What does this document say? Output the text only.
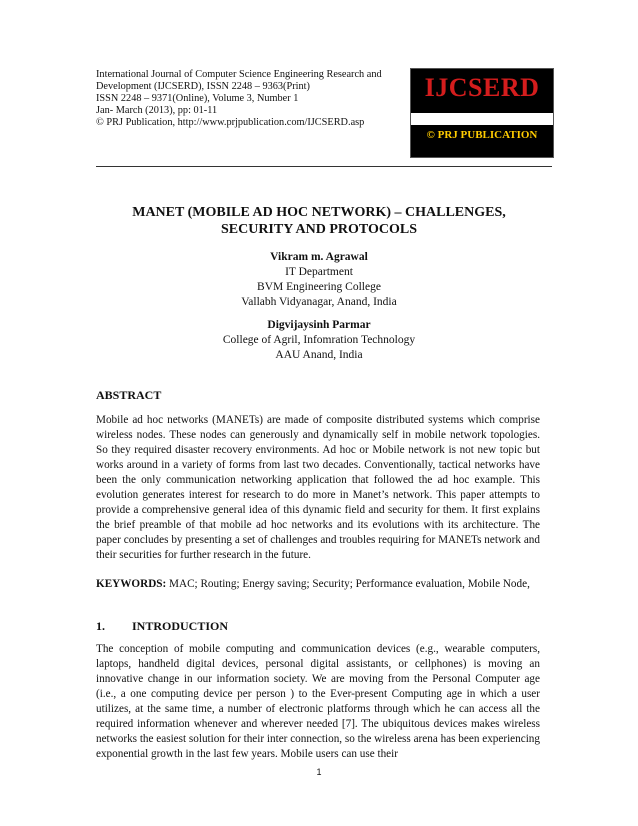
International Journal of Computer Science Engineering Research and
Development (IJCSERD), ISSN 2248 – 9363(Print)
ISSN 2248 – 9371(Online), Volume 3, Number 1
Jan- March (2013), pp: 01-11
© PRJ Publication, http://www.prjpublication.com/IJCSERD.asp
IJCSERD
© PRJ PUBLICATION
MANET (MOBILE AD HOC NETWORK) – CHALLENGES, SECURITY AND PROTOCOLS
Vikram m. Agrawal
IT Department
BVM Engineering College
Vallabh Vidyanagar, Anand, India
Digvijaysinh Parmar
College of Agril, Infomration Technology
AAU Anand, India
ABSTRACT
Mobile ad hoc networks (MANETs) are made of composite distributed systems which comprise wireless nodes. These nodes can generously and dynamically self in mobile network topologies. So they required disaster recovery environments. Ad hoc or Mobile network is not new topic but works around in a variety of forms from last two decades. Conventionally, tactical networks have been the only communication networking application that followed the ad hoc example. This evolution generates interest for research to do more in Manet’s network. This paper attempts to provide a comprehensive general idea of this dynamic field and security for them. It first explains the brief preamble of that mobile ad hoc networks and its evolutions with its architecture. The paper concludes by presenting a set of challenges and troubles requiring for MANETs network and their securities for further research in the future.
KEYWORDS: MAC; Routing; Energy saving; Security; Performance evaluation, Mobile Node,
1. INTRODUCTION
The conception of mobile computing and communication devices (e.g., wearable computers, laptops, handheld digital devices, personal digital assistants, or cellphones) is moving an innovative change in our information society. We are moving from the Personal Computer age (i.e., a one computing device per person ) to the Ever-present Computing age in which a user utilizes, at the same time, a number of electronic platforms through which he can access all the required information whenever and wherever needed [7]. The ubiquitous devices makes wireless networks the easiest solution for their inter connection, so the wireless arena has been experiencing exponential growth in the last few years. Mobile users can use their
1
